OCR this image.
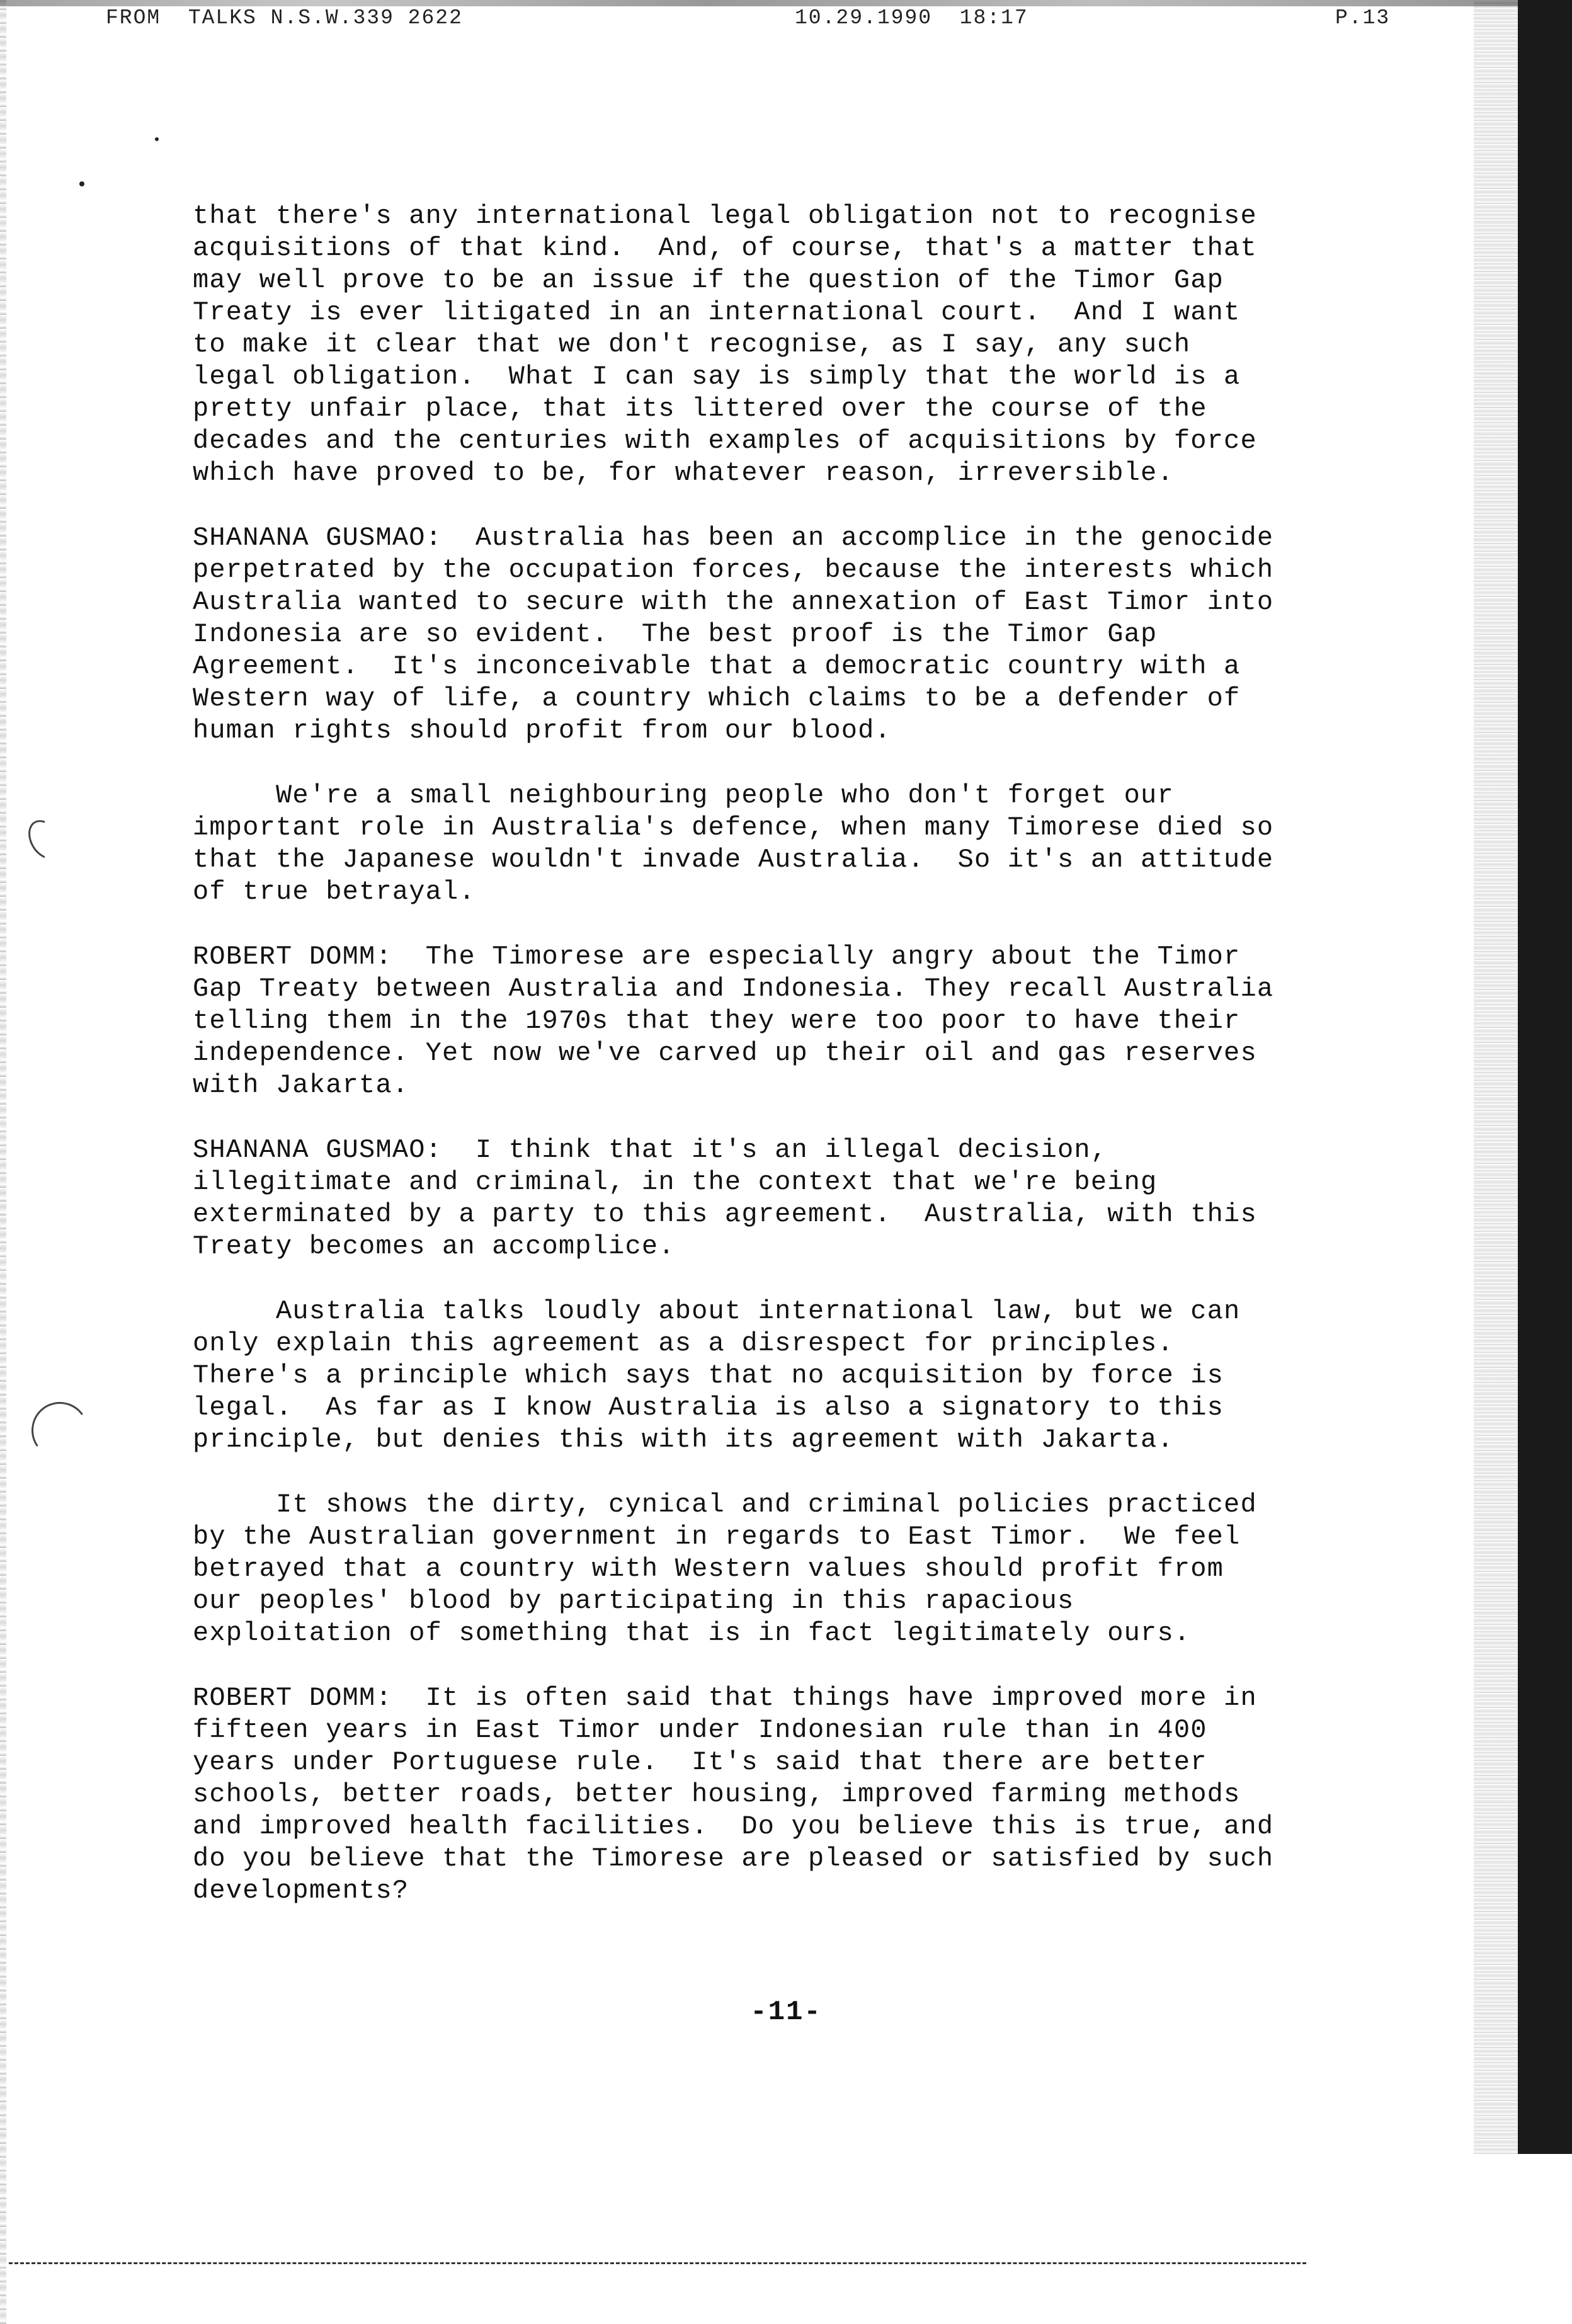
FROM  TALKS N.S.W.339 2622	10.29.1990  18:17	P.13

that there's any international legal obligation not to recognise
acquisitions of that kind.  And, of course, that's a matter that
may well prove to be an issue if the question of the Timor Gap
Treaty is ever litigated in an international court.  And I want
to make it clear that we don't recognise, as I say, any such
legal obligation.  What I can say is simply that the world is a
pretty unfair place, that its littered over the course of the
decades and the centuries with examples of acquisitions by force
which have proved to be, for whatever reason, irreversible.

SHANANA GUSMAO:  Australia has been an accomplice in the genocide
perpetrated by the occupation forces, because the interests which
Australia wanted to secure with the annexation of East Timor into
Indonesia are so evident.  The best proof is the Timor Gap
Agreement.  It's inconceivable that a democratic country with a
Western way of life, a country which claims to be a defender of
human rights should profit from our blood.

We're a small neighbouring people who don't forget our
important role in Australia's defence, when many Timorese died so
that the Japanese wouldn't invade Australia.  So it's an attitude
of true betrayal.

ROBERT DOMM:  The Timorese are especially angry about the Timor
Gap Treaty between Australia and Indonesia. They recall Australia
telling them in the 1970s that they were too poor to have their
independence. Yet now we've carved up their oil and gas reserves
with Jakarta.

SHANANA GUSMAO:  I think that it's an illegal decision,
illegitimate and criminal, in the context that we're being
exterminated by a party to this agreement.  Australia, with this
Treaty becomes an accomplice.

Australia talks loudly about international law, but we can
only explain this agreement as a disrespect for principles.
There's a principle which says that no acquisition by force is
legal.  As far as I know Australia is also a signatory to this
principle, but denies this with its agreement with Jakarta.

It shows the dirty, cynical and criminal policies practiced
by the Australian government in regards to East Timor.  We feel
betrayed that a country with Western values should profit from
our peoples' blood by participating in this rapacious
exploitation of something that is in fact legitimately ours.

ROBERT DOMM:  It is often said that things have improved more in
fifteen years in East Timor under Indonesian rule than in 400
years under Portuguese rule.  It's said that there are better
schools, better roads, better housing, improved farming methods
and improved health facilities.  Do you believe this is true, and
do you believe that the Timorese are pleased or satisfied by such
developments?

-11-
